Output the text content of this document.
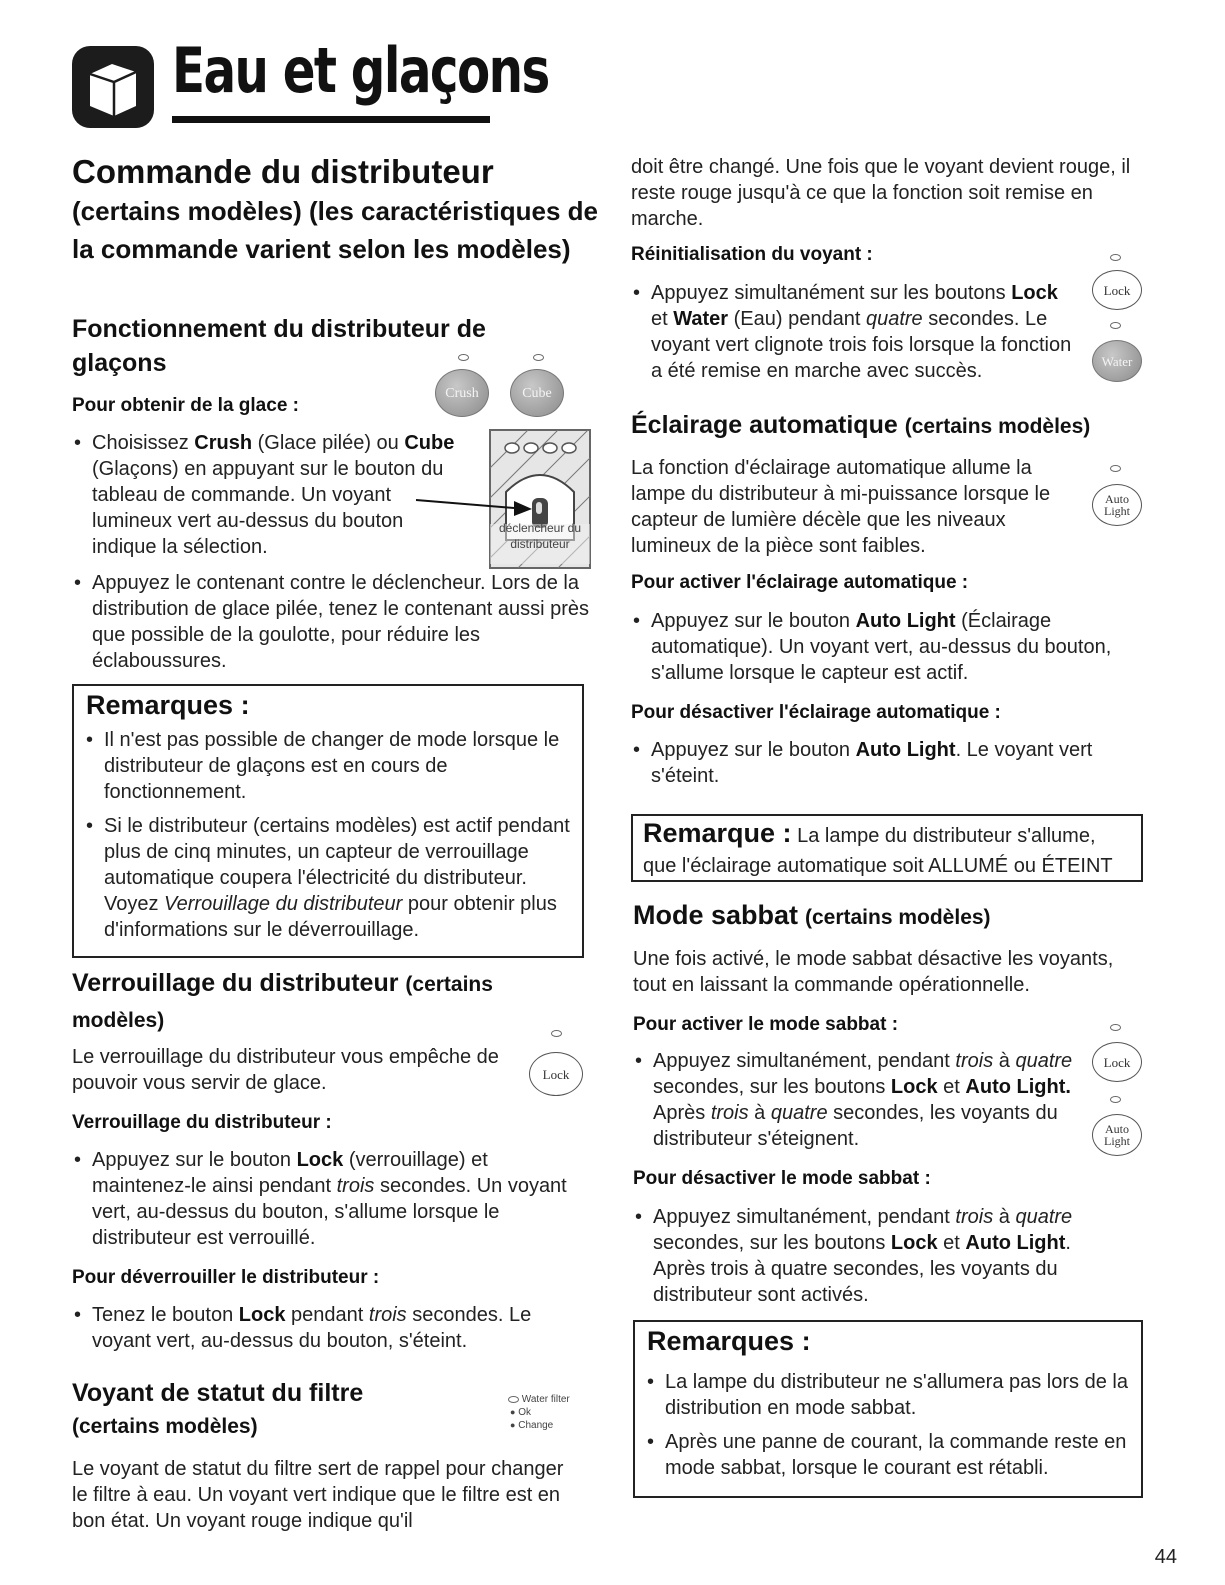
Eau et glaçons
Commande du distributeur
(certains modèles) (les caractéristiques de la commande varient selon les modèles)
Fonctionnement du distributeur de glaçons
Pour obtenir de la glace :
Crush	Cube
déclencheur du distributeur
• Choisissez Crush (Glace pilée) ou Cube (Glaçons) en appuyant sur le bouton du tableau de commande. Un voyant lumineux vert au-dessus du bouton indique la sélection.
• Appuyez le contenant contre le déclencheur. Lors de la distribution de glace pilée, tenez le contenant aussi près que possible de la goulotte, pour réduire les éclaboussures.
Remarques :
• Il n'est pas possible de changer de mode lorsque le distributeur de glaçons est en cours de fonctionnement.
• Si le distributeur (certains modèles) est actif pendant plus de cinq minutes, un capteur de verrouillage automatique coupera l'électricité du distributeur. Voyez Verrouillage du distributeur pour obtenir plus d'informations sur le déverrouillage.
Verrouillage du distributeur (certains modèles)
Le verrouillage du distributeur vous empêche de pouvoir vous servir de glace.	Lock
Verrouillage du distributeur :
• Appuyez sur le bouton Lock (verrouillage) et maintenez-le ainsi pendant trois secondes. Un voyant vert, au-dessus du bouton, s'allume lorsque le distributeur est verrouillé.
Pour déverrouiller le distributeur :
• Tenez le bouton Lock pendant trois secondes. Le voyant vert, au-dessus du bouton, s'éteint.
Voyant de statut du filtre
(certains modèles)
Water filter
● Ok
● Change
Le voyant de statut du filtre sert de rappel pour changer le filtre à eau. Un voyant vert indique que le filtre est en bon état. Un voyant rouge indique qu'il
doit être changé. Une fois que le voyant devient rouge, il reste rouge jusqu'à ce que la fonction soit remise en marche.
Réinitialisation du voyant :
• Appuyez simultanément sur les boutons Lock et Water (Eau) pendant quatre secondes. Le voyant vert clignote trois fois lorsque la fonction a été remise en marche avec succès.
Lock
Water
Éclairage automatique (certains modèles)
La fonction d'éclairage automatique allume la lampe du distributeur à mi-puissance lorsque le capteur de lumière décèle que les niveaux lumineux de la pièce sont faibles.
Auto
Light
Pour activer l'éclairage automatique :
• Appuyez sur le bouton Auto Light (Éclairage automatique). Un voyant vert, au-dessus du bouton, s'allume lorsque le capteur est actif.
Pour désactiver l'éclairage automatique :
• Appuyez sur le bouton Auto Light. Le voyant vert s'éteint.
Remarque : La lampe du distributeur s'allume, que l'éclairage automatique soit ALLUMÉ ou ÉTEINT
Mode sabbat (certains modèles)
Une fois activé, le mode sabbat désactive les voyants, tout en laissant la commande opérationnelle.
Pour activer le mode sabbat :
• Appuyez simultanément, pendant trois à quatre secondes, sur les boutons Lock et Auto Light. Après trois à quatre secondes, les voyants du distributeur s'éteignent.
Lock
Auto
Light
Pour désactiver le mode sabbat :
• Appuyez simultanément, pendant trois à quatre secondes, sur les boutons Lock et Auto Light. Après trois à quatre secondes, les voyants du distributeur sont activés.
Remarques :
• La lampe du distributeur ne s'allumera pas lors de la distribution en mode sabbat.
• Après une panne de courant, la commande reste en mode sabbat, lorsque le courant est rétabli.
44
